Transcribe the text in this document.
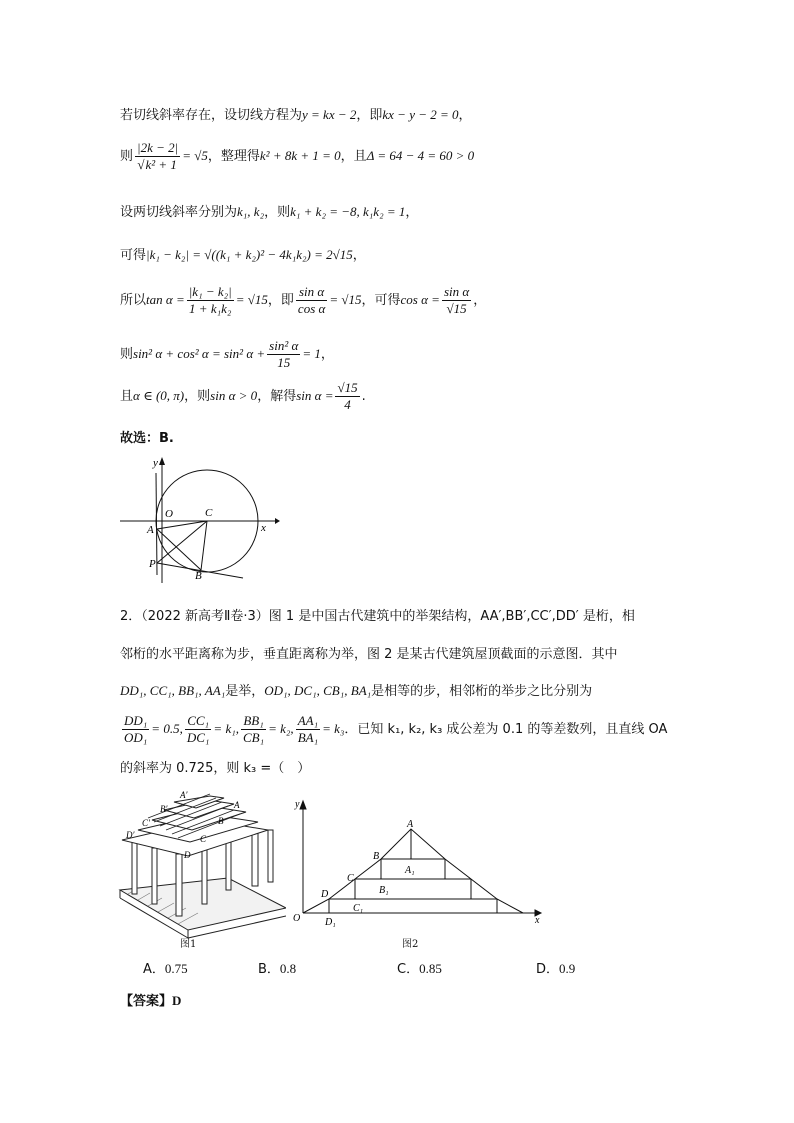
若切线斜率存在，设切线方程为y = kx − 2，即kx − y − 2 = 0，
则 $\frac{|2k - 2|}{\text{√k² + 1}} = √5$，整理得k² + 8k + 1 = 0，且Δ = 64 − 4 = 60 > 0
设两切线斜率分别为k₁, k₂，则k₁ + k₂ = −8, k₁k₂ = 1，
可得|k₁ − k₂| = √((k₁ + k₂)² − 4k₁k₂) = 2√15，
所以$\tan \alpha = \frac{\text{|k₁ − k₂|}}{\text{1 + k₁k₂}} = √15$，即 $\frac{\text{sin α}}{\text{cos α}} = √15$，可得$\cos \alpha = \frac{\text{sin α}}{√15}$ ，
则sin² α + cos² α = sin² $\alpha + \frac{\text{sin² α}}{15} = 1$，
且α ∈ (0, π)，则sin α > 0，解得$\sin \alpha = \frac{√15}{4}$ .
故选：B.
y
x
O
A
C
P
B
2．（2022 新高考Ⅱ卷·3）图 1 是中国古代建筑中的举架结构，AA′,BB′,CC′,DD′ 是桁，相
邻桁的水平距离称为步，垂直距离称为举，图 2 是某古代建筑屋顶截面的示意图．其中
DD₁, CC₁, BB₁, AA₁是举，OD₁, DC₁, CB₁, BA₁是相等的步，相邻桁的举步之比分别为
$\frac{\text{DD₁}}{\text{OD₁}} = 0.5$, $\frac{\text{CC₁}}{\text{DC₁}} = k_1$, $\frac{\text{BB₁}}{\text{CB₁}} = k_2$, $\frac{\text{AA₁}}{\text{BA₁}} = k_3$．已知 k₁, k₂, k₃ 成公差为 0.1 的等差数列，且直线 OA
的斜率为 0.725，则 k₃ =（　）
A′
B′
C′
D′
A
B
C
D
图1
y
x
O
A
B
C
D
A₁
B₁
C₁
D₁
图2
A．0.75	B．0.8	C．0.85	D．0.9
【答案】D
